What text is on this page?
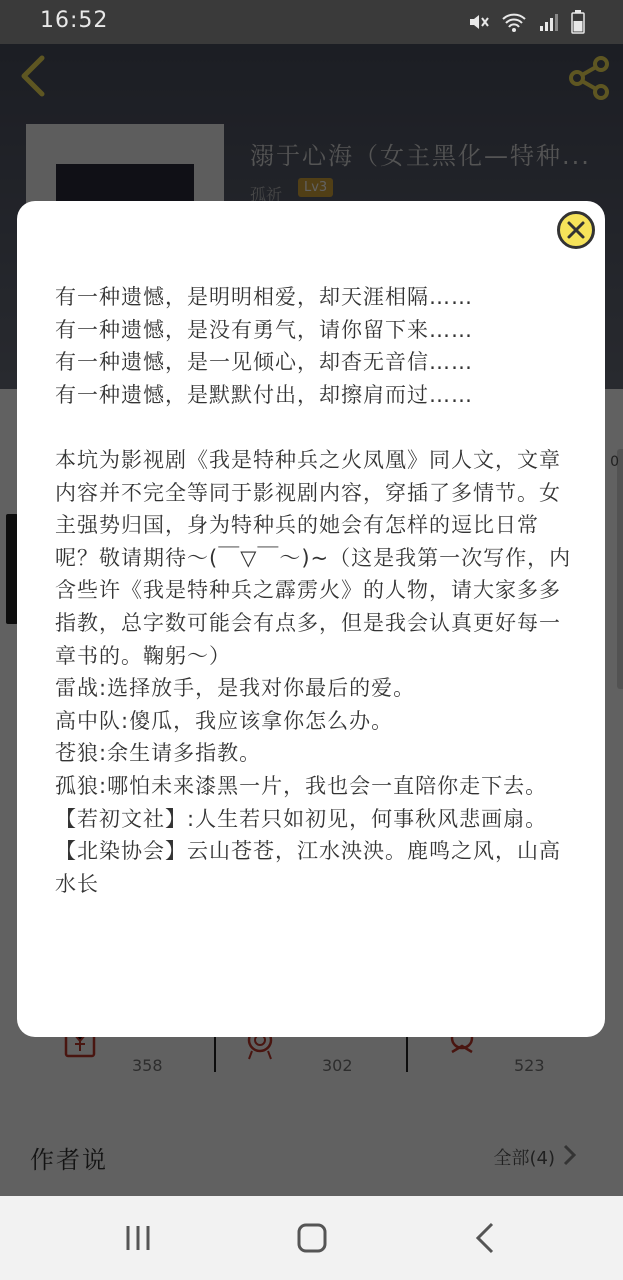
16:52

有一种遗憾，是明明相爱，却天涯相隔……

有一种遗憾，是没有勇气，请你留下来……

有一种遗憾，是一见倾心，却杳无音信……

有一种遗憾，是默默付出，却擦肩而过……

本坑为影视剧《我是特种兵之火凤凰》同人文，文章内容并不完全等同于影视剧内容，穿插了多情节。女主强势归国，身为特种兵的她会有怎样的逗比日常呢？敬请期待～(￣▽￣～)~（这是我第一次写作，内含些许《我是特种兵之霹雳火》的人物，请大家多多指教，总字数可能会有点多，但是我会认真更好每一章书的。鞠躬～）

雷战:选择放手，是我对你最后的爱。

高中队:傻瓜，我应该拿你怎么办。

苍狼:余生请多指教。

孤狼:哪怕未来漆黑一片，我也会一直陪你走下去。

【若初文社】:人生若只如初见，何事秋风悲画扇。

【北染协会】云山苍苍，江水泱泱。鹿鸣之风，山高水长
